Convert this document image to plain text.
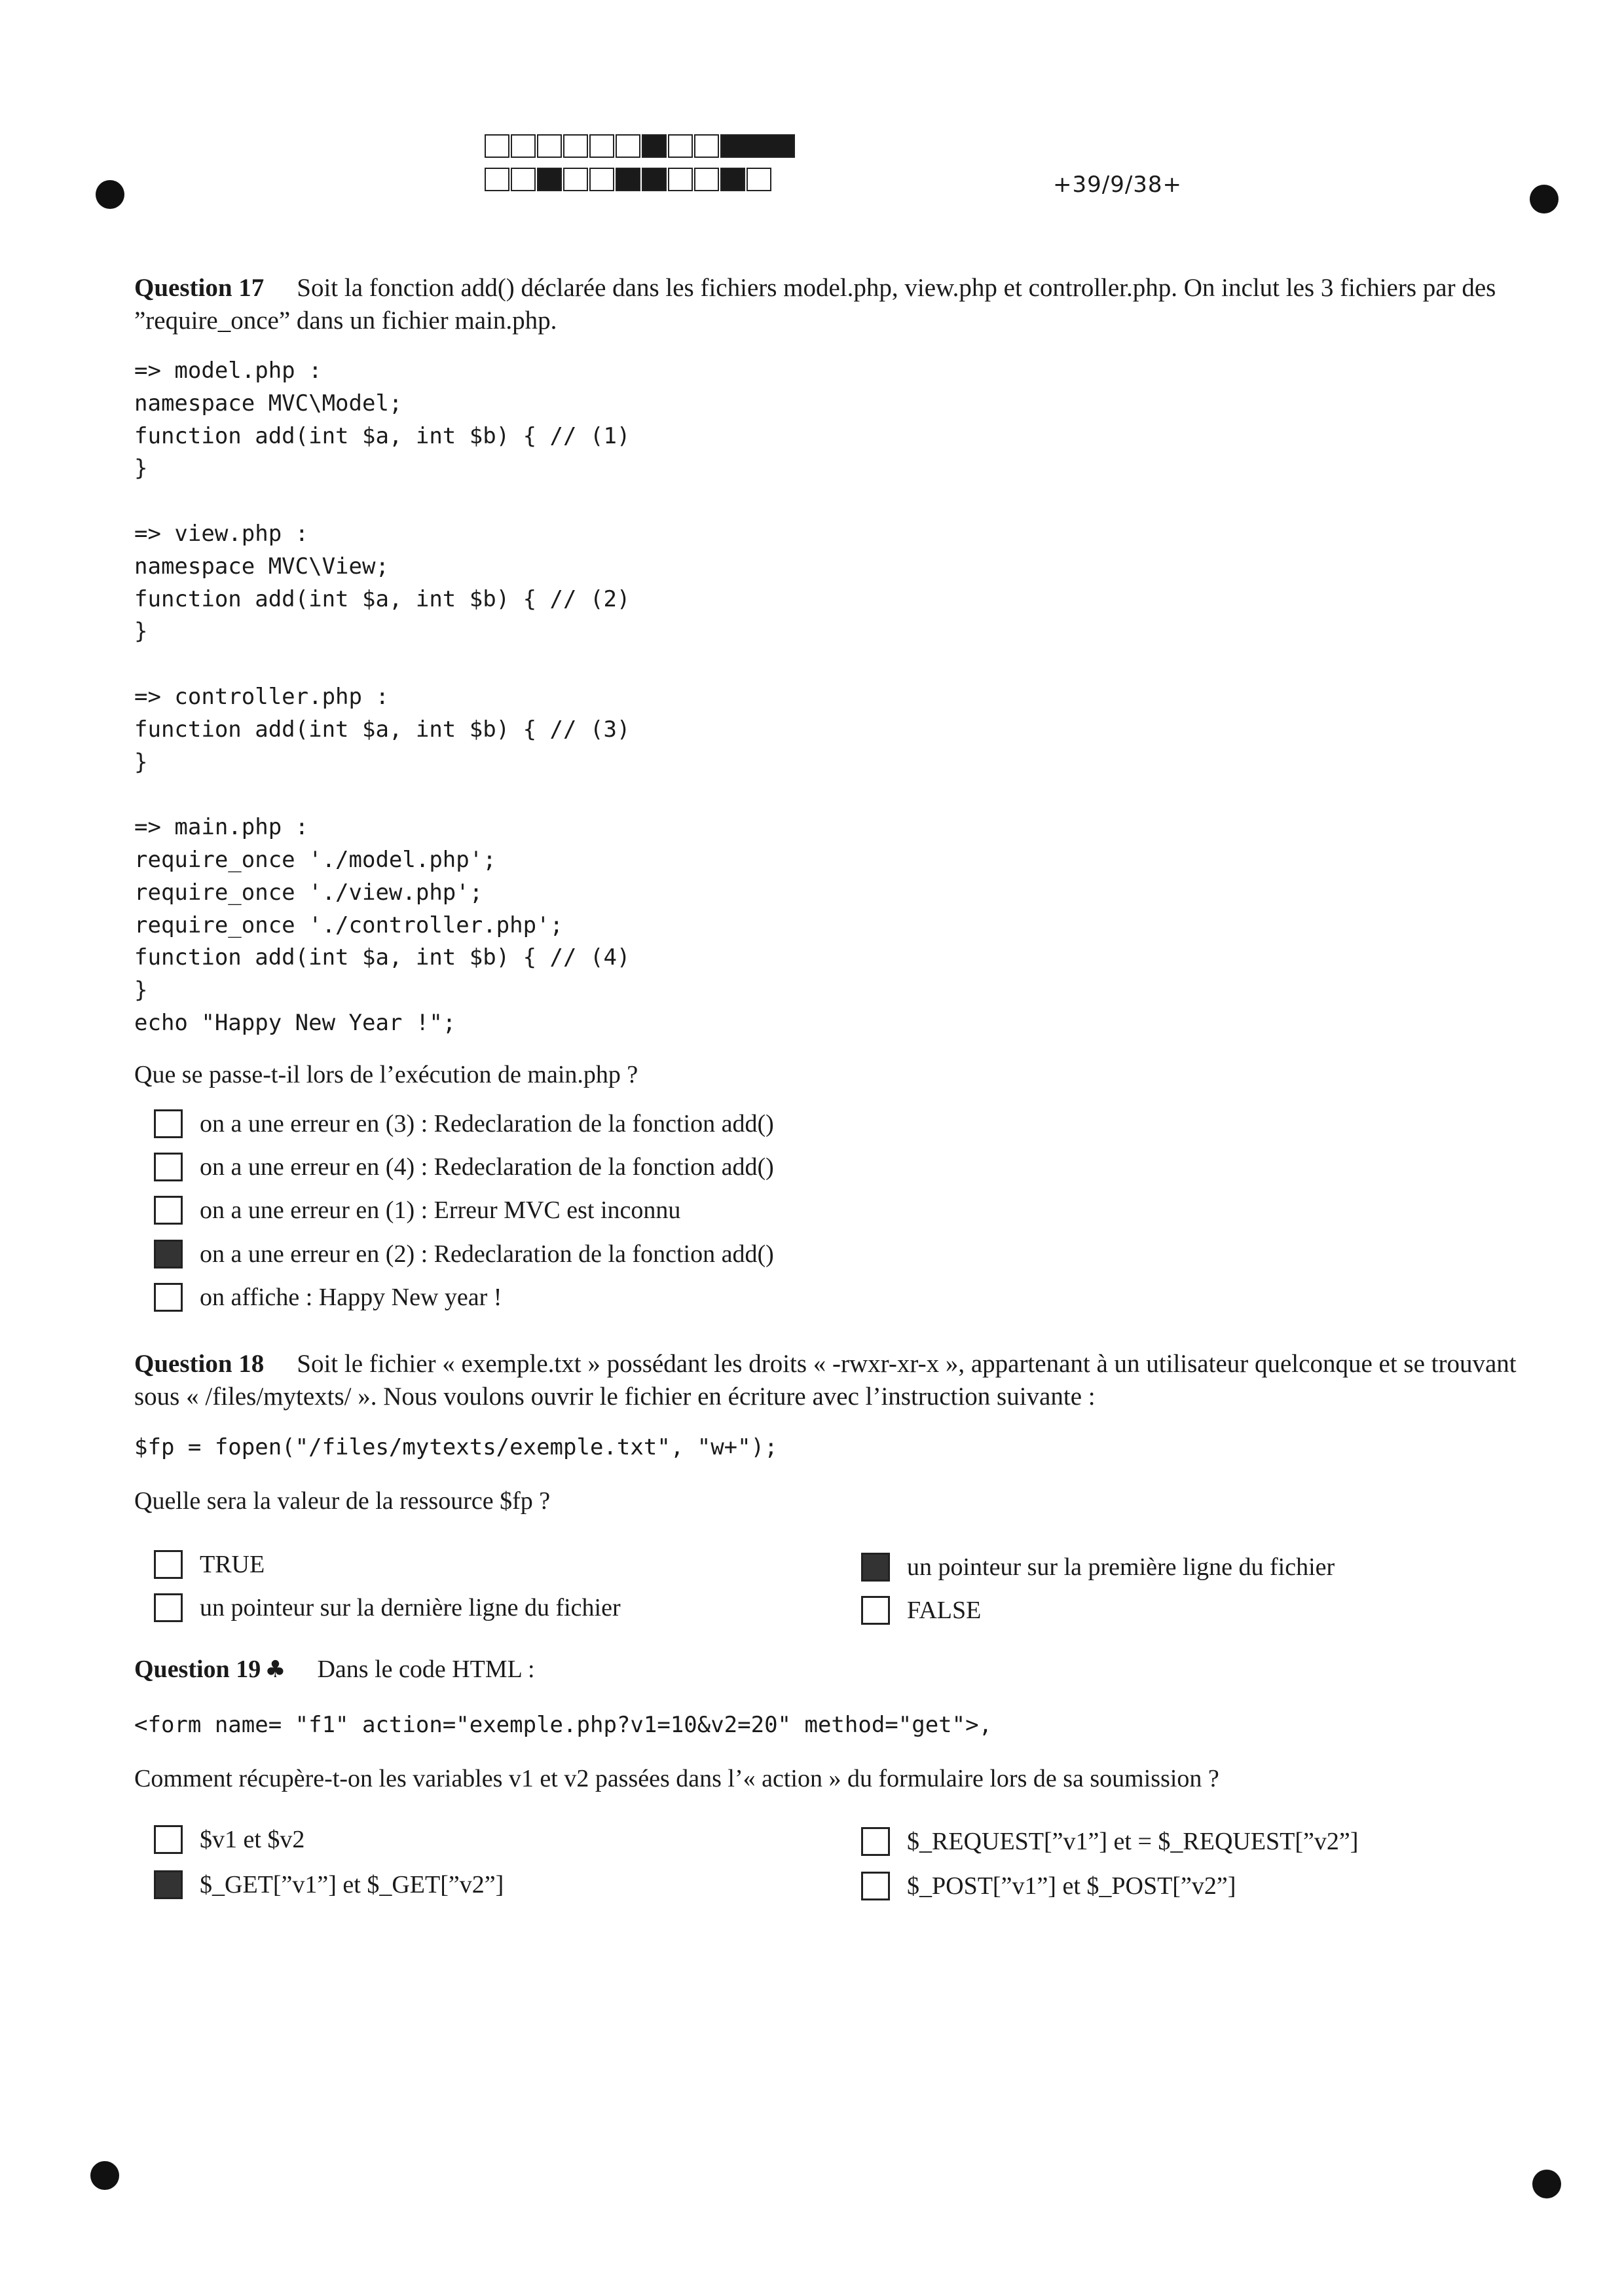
+39/9/38+
Question 17 Soit la fonction add() déclarée dans les fichiers model.php, view.php et controller.php. On inclut les 3 fichiers par des ”require_once” dans un fichier main.php.
=> model.php :
namespace MVC\Model;
function add(int $a, int $b) { // (1)
}

=> view.php :
namespace MVC\View;
function add(int $a, int $b) { // (2)
}

=> controller.php :
function add(int $a, int $b) { // (3)
}

=> main.php :
require_once './model.php';
require_once './view.php';
require_once './controller.php';
function add(int $a, int $b) { // (4)
}
echo "Happy New Year !";
Que se passe-t-il lors de l’exécution de main.php ?
on a une erreur en (3) : Redeclaration de la fonction add()
on a une erreur en (4) : Redeclaration de la fonction add()
on a une erreur en (1) : Erreur MVC est inconnu
on a une erreur en (2) : Redeclaration de la fonction add()
on affiche : Happy New year !
Question 18 Soit le fichier « exemple.txt » possédant les droits « -rwxr-xr-x », appartenant à un utilisateur quelconque et se trouvant sous « /files/mytexts/ ». Nous voulons ouvrir le fichier en écriture avec l’instruction suivante :
$fp = fopen("/files/mytexts/exemple.txt", "w+");
Quelle sera la valeur de la ressource $fp ?
TRUE
un pointeur sur la dernière ligne du fichier
un pointeur sur la première ligne du fichier
FALSE
Question 19 ♣ Dans le code HTML :
<form name= "f1" action="exemple.php?v1=10&v2=20" method="get">,
Comment récupère-t-on les variables v1 et v2 passées dans l’« action » du formulaire lors de sa soumission ?
$v1 et $v2
$_GET[”v1”] et $_GET[”v2”]
$_REQUEST[”v1”] et = $_REQUEST[”v2”]
$_POST[”v1”] et $_POST[”v2”]
